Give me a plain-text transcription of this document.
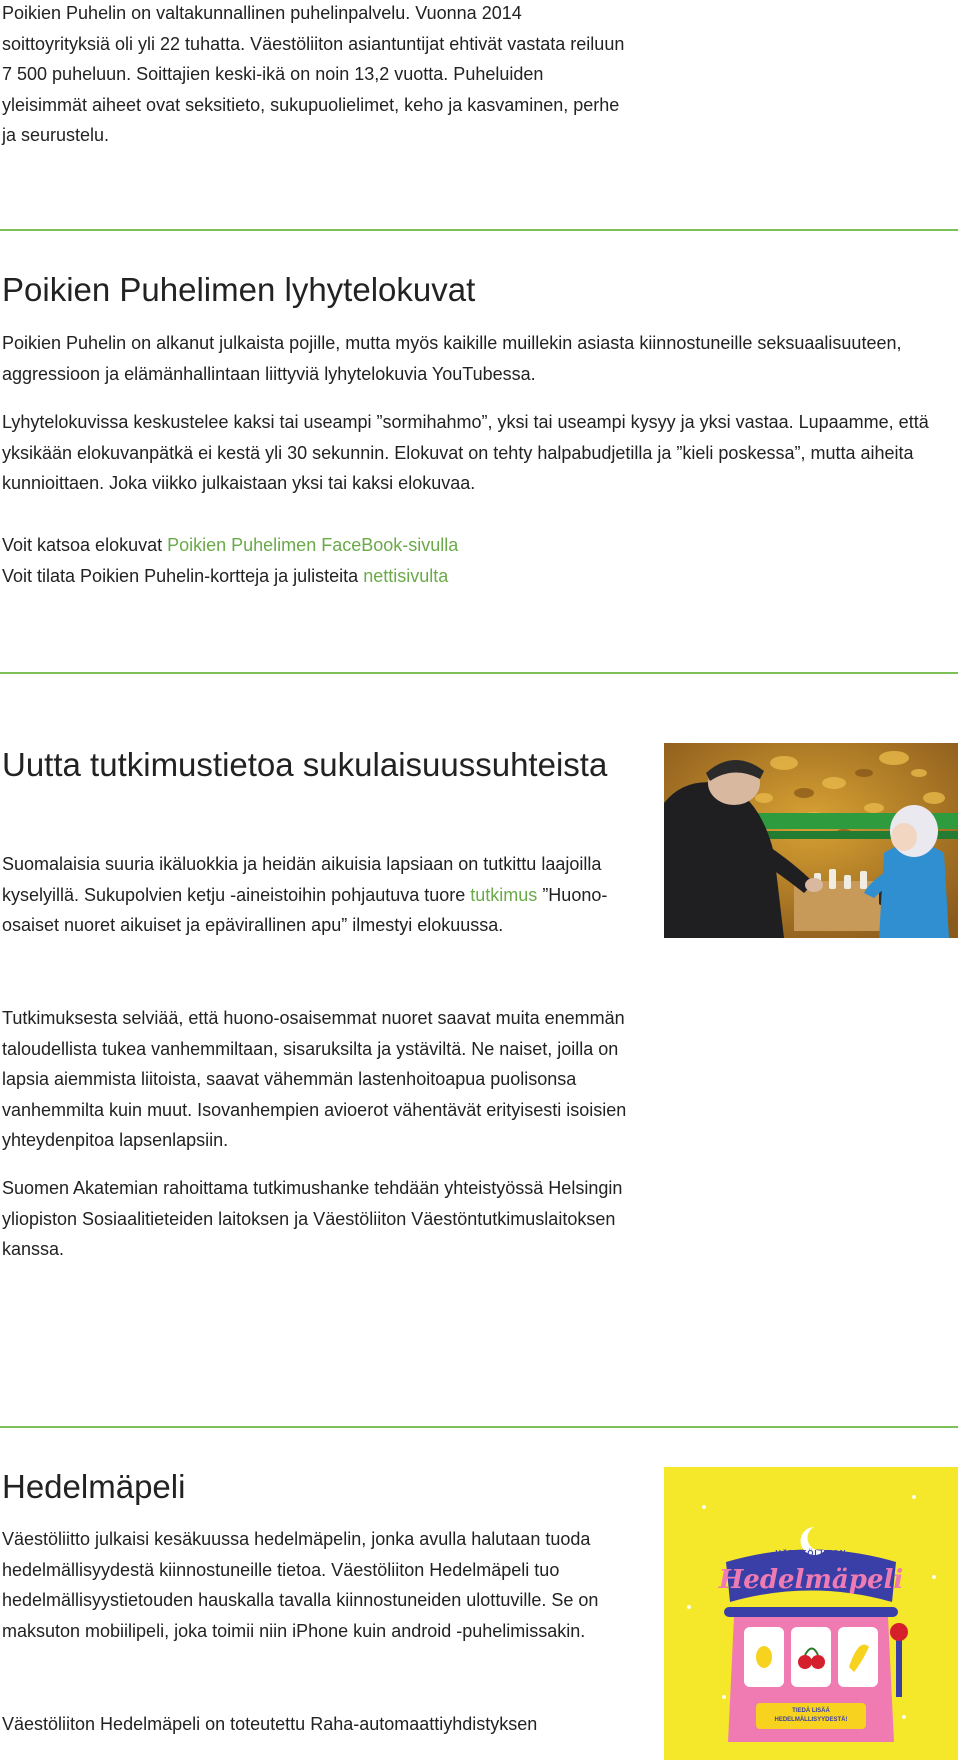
Poikien Puhelin on valtakunnallinen puhelinpalvelu. Vuonna 2014 soittoyrityksiä oli yli 22 tuhatta. Väestöliiton asiantuntijat ehtivät vastata reiluun 7 500 puheluun. Soittajien keski-ikä on noin 13,2 vuotta. Puheluiden yleisimmät aiheet ovat seksitieto, sukupuolielimet, keho ja kasvaminen, perhe ja seurustelu.

Poikien Puhelimen lyhytelokuvat

Poikien Puhelin on alkanut julkaista pojille, mutta myös kaikille muillekin asiasta kiinnostuneille seksuaalisuuteen, aggressioon ja elämänhallintaan liittyviä lyhytelokuvia YouTubessa.

Lyhytelokuvissa keskustelee kaksi tai useampi ”sormihahmo”, yksi tai useampi kysyy ja yksi vastaa. Lupaamme, että yksikään elokuvanpätkä ei kestä yli 30 sekunnin. Elokuvat on tehty halpabudjetilla ja ”kieli poskessa”, mutta aiheita kunnioittaen. Joka viikko julkaistaan yksi tai kaksi elokuvaa.

Voit katsoa elokuvat Poikien Puhelimen FaceBook-sivulla

Voit tilata Poikien Puhelin-kortteja ja julisteita nettisivulta

Uutta tutkimustietoa sukulaisuussuhteista

Suomalaisia suuria ikäluokkia ja heidän aikuisia lapsiaan on tutkittu laajoilla kyselyillä. Sukupolvien ketju -aineistoihin pohjautuva tuore tutkimus ”Huono-osaiset nuoret aikuiset ja epävirallinen apu” ilmestyi elokuussa.

Tutkimuksesta selviää, että huono-osaisemmat nuoret saavat muita enemmän taloudellista tukea vanhemmiltaan, sisaruksilta ja ystäviltä. Ne naiset, joilla on lapsia aiemmista liitoista, saavat vähemmän lastenhoitoapua puolisonsa vanhemmilta kuin muut. Isovanhempien avioerot vähentävät erityisesti isoisien yhteydenpitoa lapsenlapsiin.

Suomen Akatemian rahoittama tutkimushanke tehdään yhteistyössä Helsingin yliopiston Sosiaalitieteiden laitoksen ja Väestöliiton Väestöntutkimuslaitoksen kanssa.

Hedelmäpeli
VÄESTÖLIITON
Hedelmäpeli
TIEDÄ LISÄÄ HEDELMÄLLISYYDESTÄ!

Väestöliitto julkaisi kesäkuussa hedelmäpelin, jonka avulla halutaan tuoda hedelmällisyydestä kiinnostuneille tietoa. Väestöliiton Hedelmäpeli tuo hedelmällisyystietouden hauskalla tavalla kiinnostuneiden ulottuville. Se on maksuton mobiilipeli, joka toimii niin iPhone kuin android -puhelimissakin.

Väestöliiton Hedelmäpeli on toteutettu Raha-automaattiyhdistyksen
